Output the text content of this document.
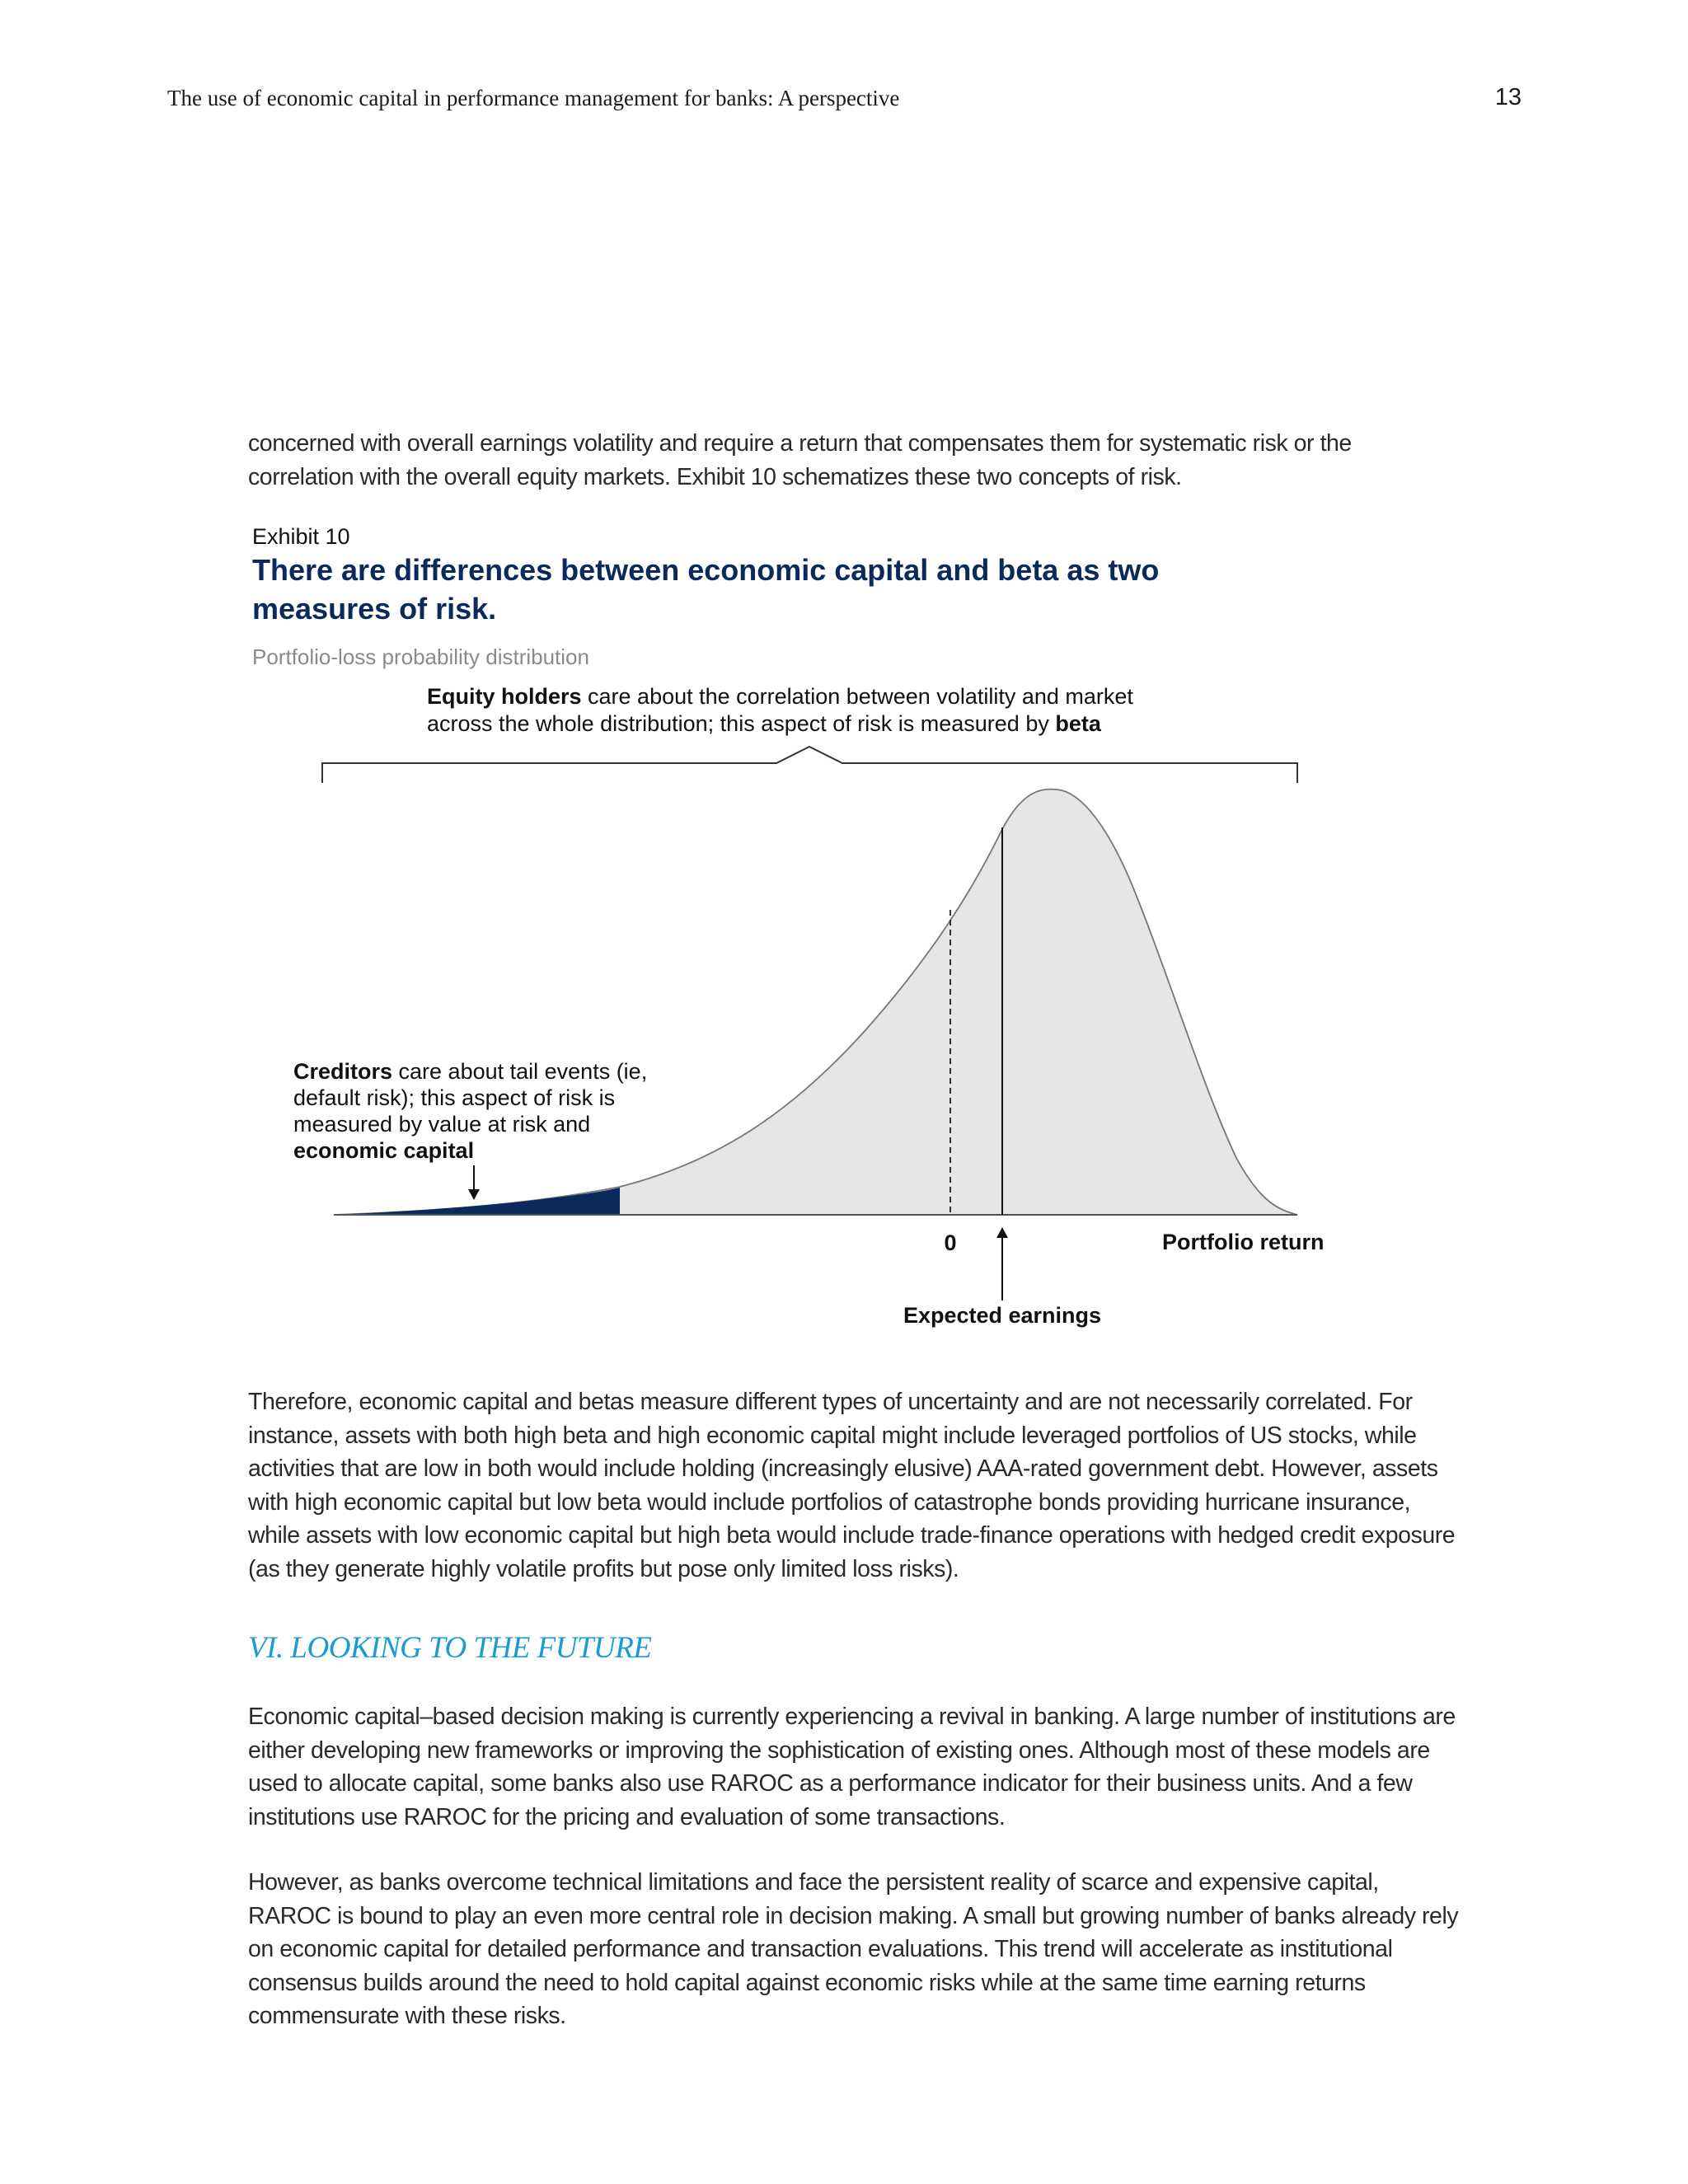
The use of economic capital in performance management for banks: A perspective	13

concerned with overall earnings volatility and require a return that compensates them for systematic risk or the correlation with the overall equity markets. Exhibit 10 schematizes these two concepts of risk.

Exhibit 10
There are differences between economic capital and beta as two measures of risk.
Portfolio-loss probability distribution
Equity holders care about the correlation between volatility and market
across the whole distribution; this aspect of risk is measured by beta
Creditors care about tail events (ie,
default risk); this aspect of risk is
measured by value at risk and
economic capital
0	Portfolio return
Expected earnings

Therefore, economic capital and betas measure different types of uncertainty and are not necessarily correlated. For instance, assets with both high beta and high economic capital might include leveraged portfolios of US stocks, while activities that are low in both would include holding (increasingly elusive) AAA-rated government debt. However, assets with high economic capital but low beta would include portfolios of catastrophe bonds providing hurricane insurance, while assets with low economic capital but high beta would include trade-finance operations with hedged credit exposure (as they generate highly volatile profits but pose only limited loss risks).

VI. LOOKING TO THE FUTURE

Economic capital–based decision making is currently experiencing a revival in banking. A large number of institutions are either developing new frameworks or improving the sophistication of existing ones. Although most of these models are used to allocate capital, some banks also use RAROC as a performance indicator for their business units. And a few institutions use RAROC for the pricing and evaluation of some transactions.

However, as banks overcome technical limitations and face the persistent reality of scarce and expensive capital, RAROC is bound to play an even more central role in decision making. A small but growing number of banks already rely on economic capital for detailed performance and transaction evaluations. This trend will accelerate as institutional consensus builds around the need to hold capital against economic risks while at the same time earning returns commensurate with these risks.
